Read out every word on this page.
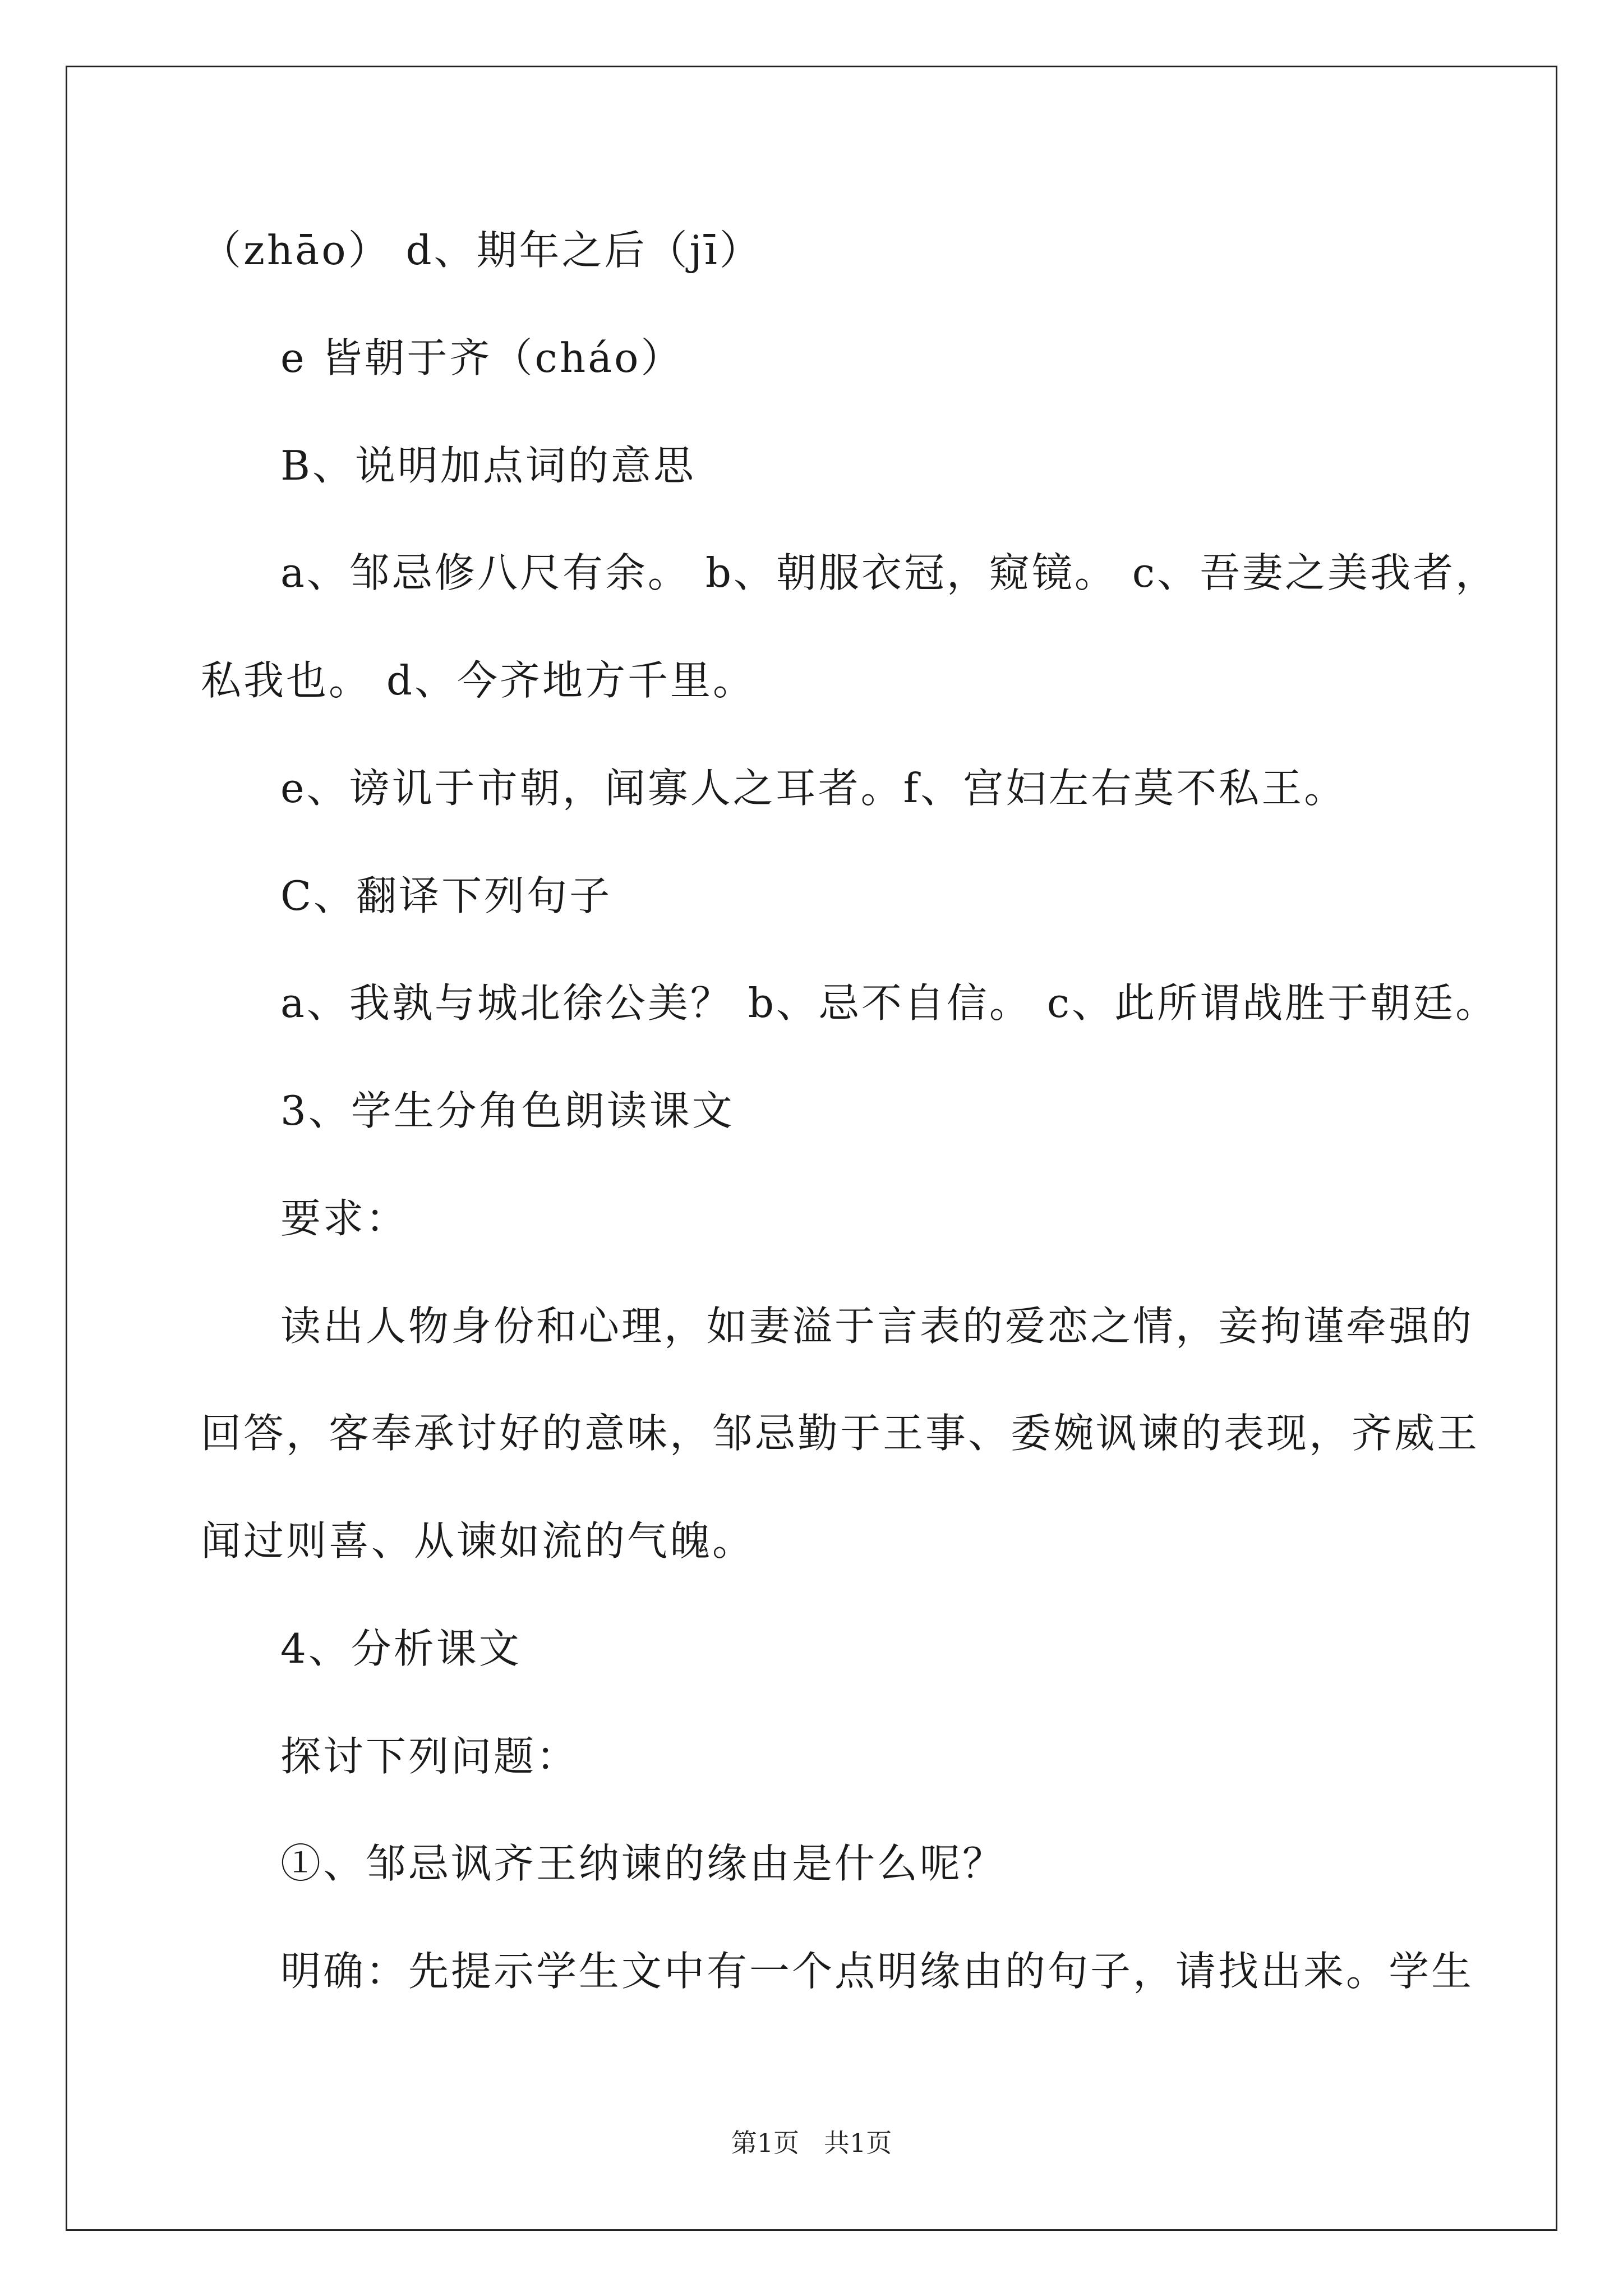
（zhāo） d、期年之后（jī）
e 皆朝于齐（cháo）
B、说明加点词的意思
a、邹忌修八尺有余。 b、朝服衣冠，窥镜。 c、吾妻之美我者，
私我也。 d、今齐地方千里。
e、谤讥于市朝，闻寡人之耳者。f、宫妇左右莫不私王。
C、翻译下列句子
a、我孰与城北徐公美？ b、忌不自信。 c、此所谓战胜于朝廷。
3、学生分角色朗读课文
要求：
读出人物身份和心理，如妻溢于言表的爱恋之情，妾拘谨牵强的
回答，客奉承讨好的意味，邹忌勤于王事、委婉讽谏的表现，齐威王
闻过则喜、从谏如流的气魄。
4、分析课文
探讨下列问题：
①、邹忌讽齐王纳谏的缘由是什么呢？
明确：先提示学生文中有一个点明缘由的句子，请找出来。学生
第1页 共1页
